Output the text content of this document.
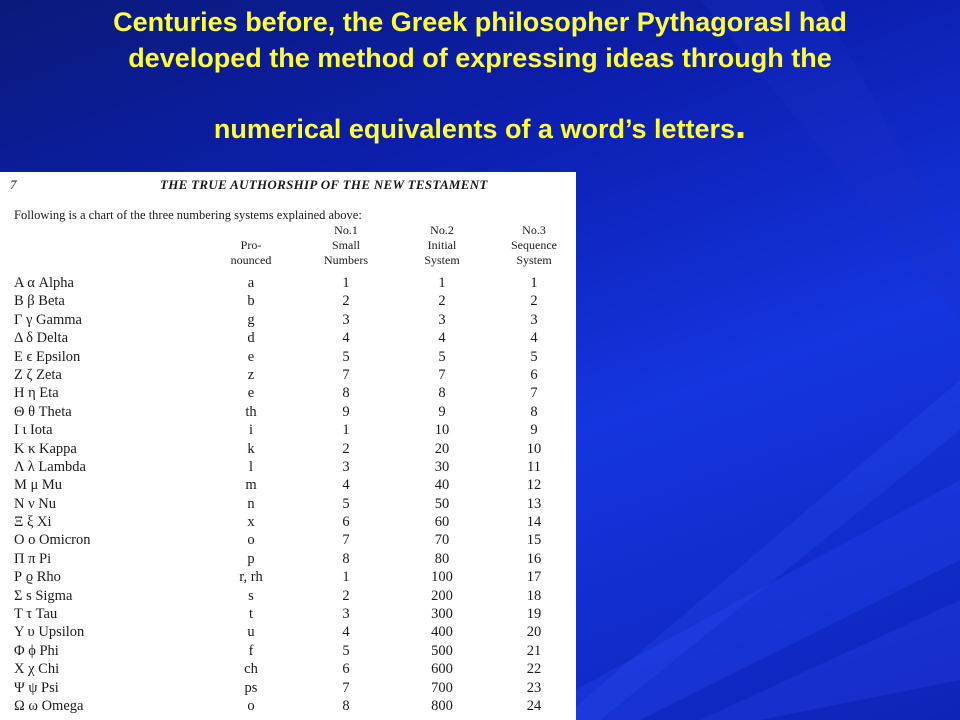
Centuries before, the Greek philosopher Pythagorasl had
developed the method of expressing ideas through the
numerical equivalents of a word’s letters.
7	THE TRUE AUTHORSHIP OF THE NEW TESTAMENT
Following is a chart of the three numbering systems explained above:
Pro-
nounced
No.1
Small
Numbers
No.2
Initial
System
No.3
Sequence
System
Α α Alpha	a	1	1	1
Β β Beta	b	2	2	2
Γ γ Gamma	g	3	3	3
Δ δ Delta	d	4	4	4
Ε ϵ Epsilon	e	5	5	5
Ζ ζ Zeta	z	7	7	6
Η η Eta	e	8	8	7
Θ θ Theta	th	9	9	8
Ι ι Iota	i	1	10	9
Κ κ Kappa	k	2	20	10
Λ λ Lambda	l	3	30	11
Μ μ Mu	m	4	40	12
Ν ν Nu	n	5	50	13
Ξ ξ Xi	x	6	60	14
Ο ο Omicron	o	7	70	15
Π π Pi	p	8	80	16
Ρ ϱ Rho	r, rh	1	100	17
Σ s Sigma	s	2	200	18
Τ τ Tau	t	3	300	19
Υ υ Upsilon	u	4	400	20
Φ ϕ Phi	f	5	500	21
Χ χ Chi	ch	6	600	22
Ψ ψ Psi	ps	7	700	23
Ω ω Omega	o	8	800	24
